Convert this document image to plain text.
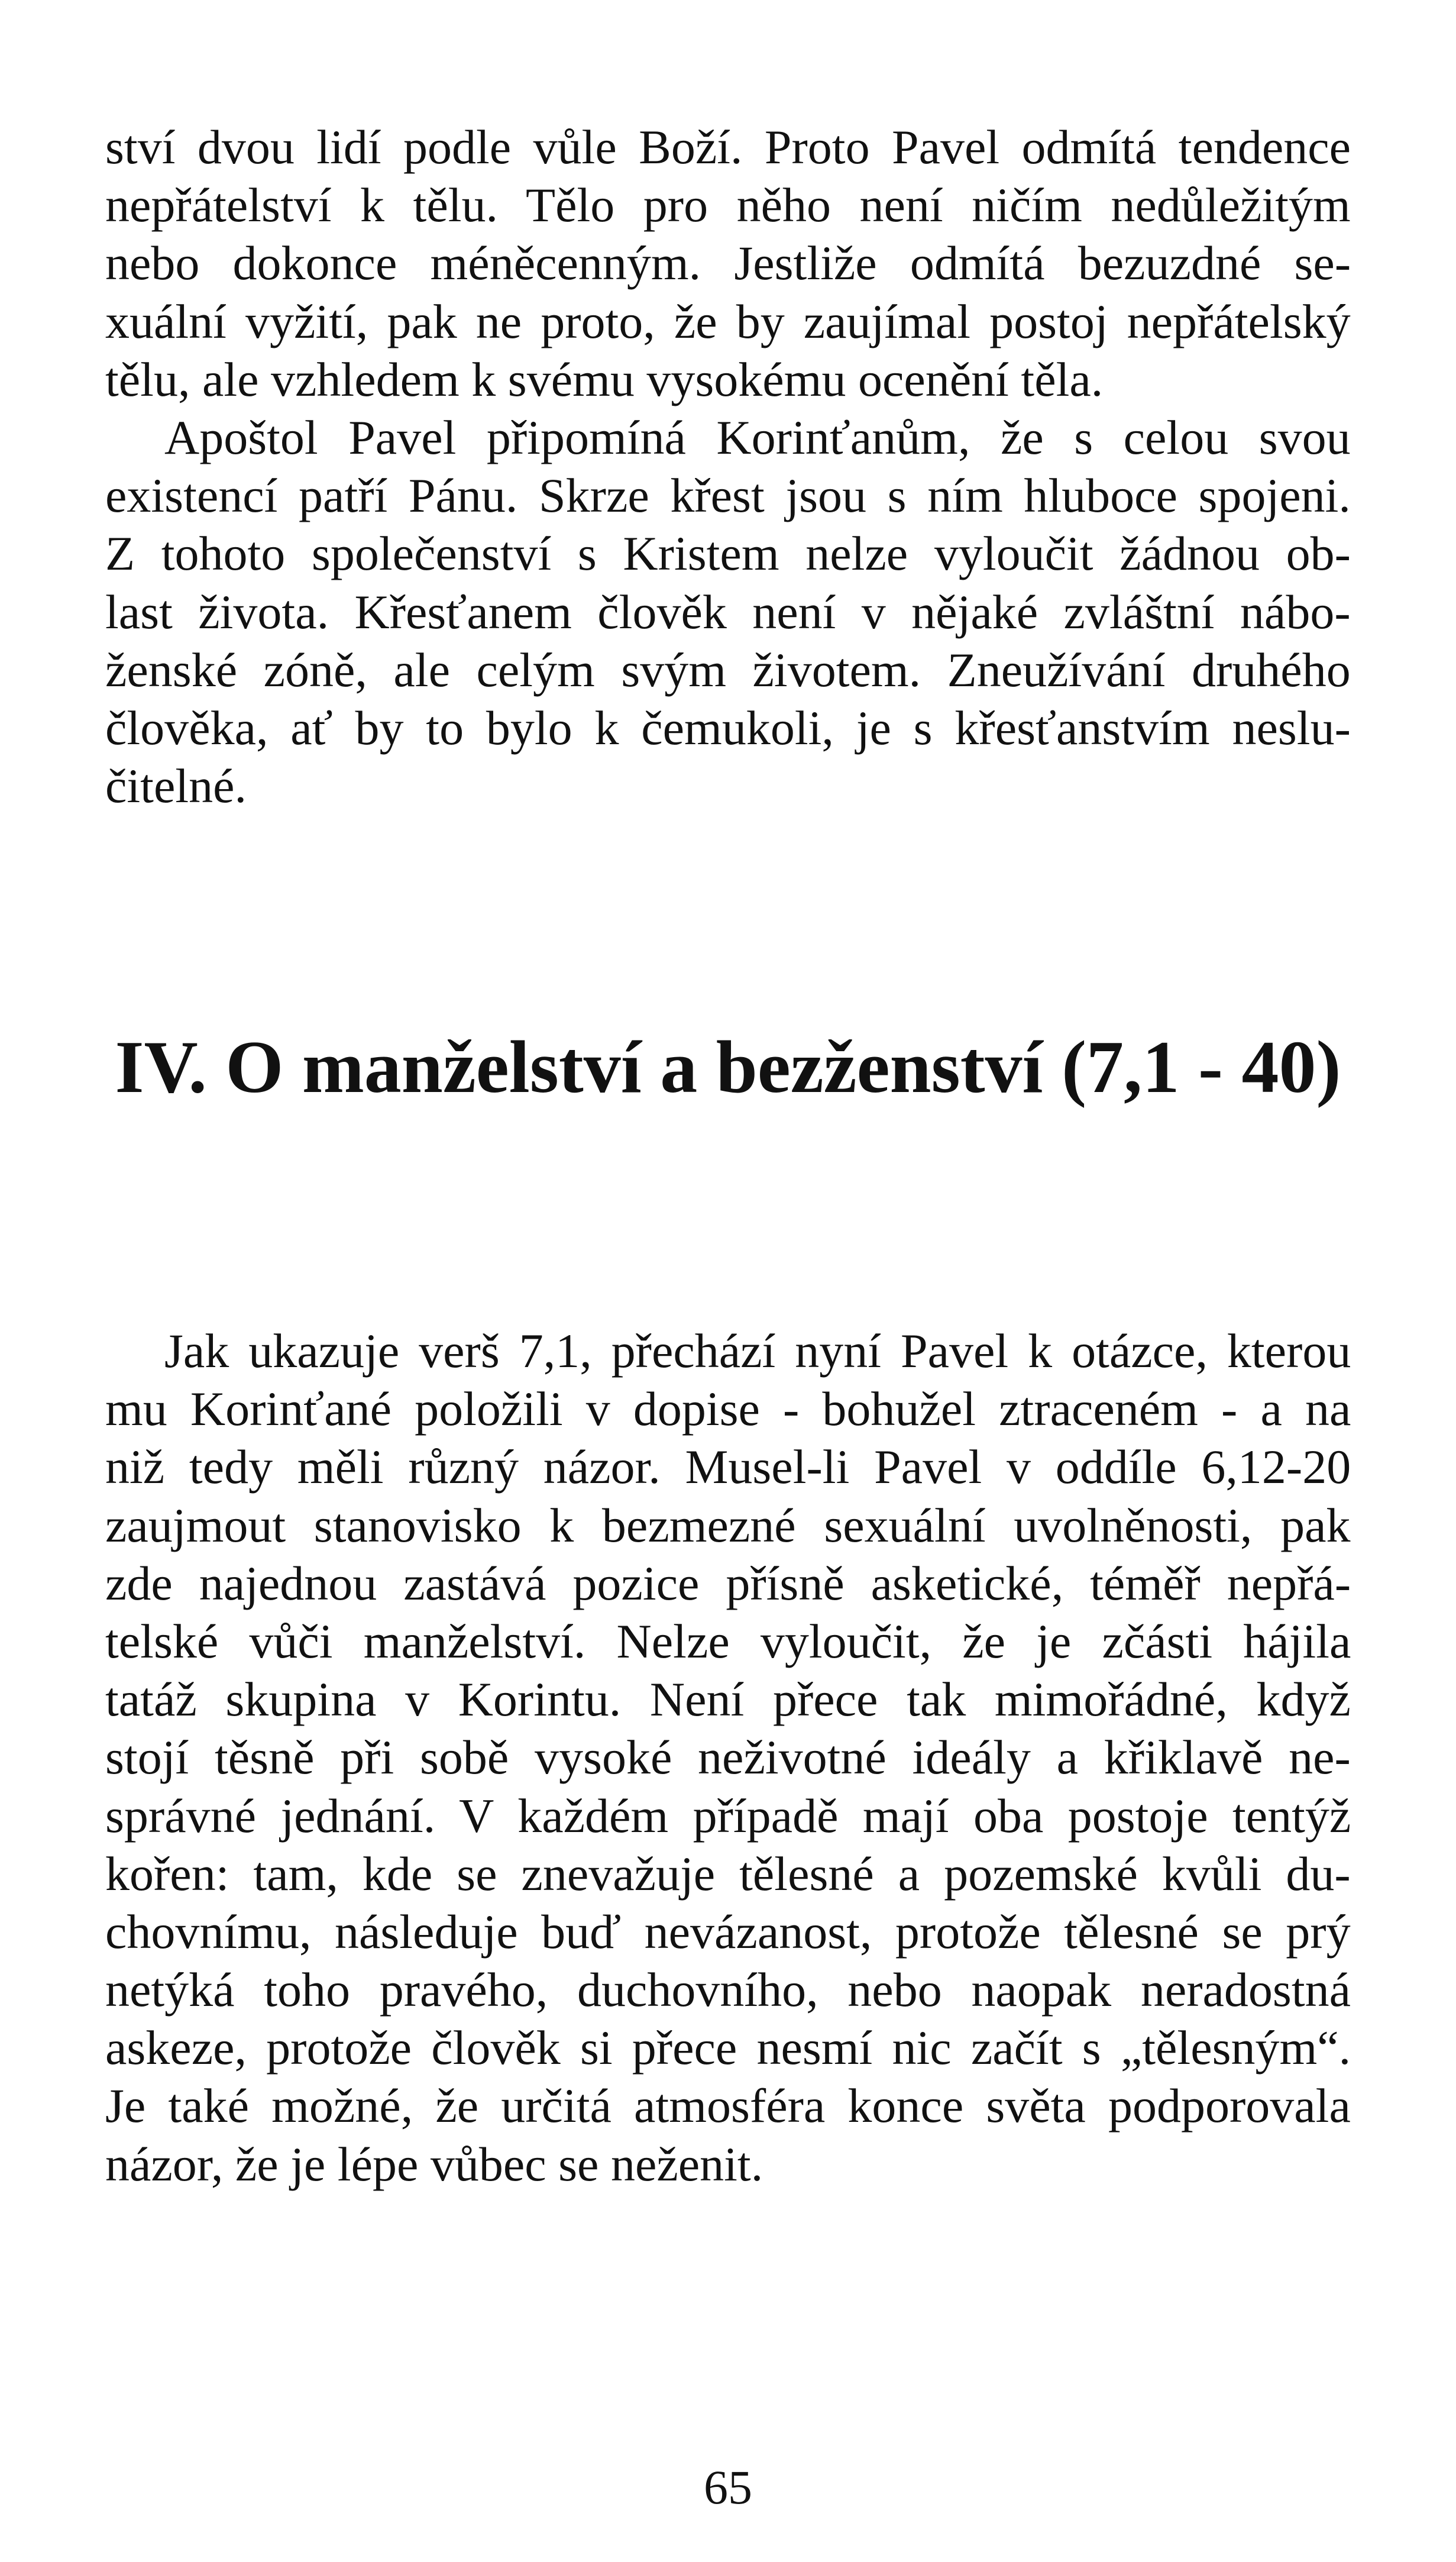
ství dvou lidí podle vůle Boží. Proto Pavel odmítá tendence
nepřátelství k tělu. Tělo pro něho není ničím nedůležitým
nebo dokonce méněcenným. Jestliže odmítá bezuzdné se-
xuální vyžití, pak ne proto, že by zaujímal postoj nepřátelský
tělu, ale vzhledem k svému vysokému ocenění těla.
Apoštol Pavel připomíná Korinťanům, že s celou svou
existencí patří Pánu. Skrze křest jsou s ním hluboce spojeni.
Z tohoto společenství s Kristem nelze vyloučit žádnou ob-
last života. Křesťanem člověk není v nějaké zvláštní nábo-
ženské zóně, ale celým svým životem. Zneužívání druhého
člověka, ať by to bylo k čemukoli, je s křesťanstvím neslu-
čitelné.
IV. O manželství a bezženství (7,1 - 40)
Jak ukazuje verš 7,1, přechází nyní Pavel k otázce, kterou
mu Korinťané položili v dopise - bohužel ztraceném - a na
niž tedy měli různý názor. Musel-li Pavel v oddíle 6,12-20
zaujmout stanovisko k bezmezné sexuální uvolněnosti, pak
zde najednou zastává pozice přísně asketické, téměř nepřá-
telské vůči manželství. Nelze vyloučit, že je zčásti hájila
tatáž skupina v Korintu. Není přece tak mimořádné, když
stojí těsně při sobě vysoké neživotné ideály a křiklavě ne-
správné jednání. V každém případě mají oba postoje tentýž
kořen: tam, kde se znevažuje tělesné a pozemské kvůli du-
chovnímu, následuje buď nevázanost, protože tělesné se prý
netýká toho pravého, duchovního, nebo naopak neradostná
askeze, protože člověk si přece nesmí nic začít s „tělesným“.
Je také možné, že určitá atmosféra konce světa podporovala
názor, že je lépe vůbec se neženit.
65
